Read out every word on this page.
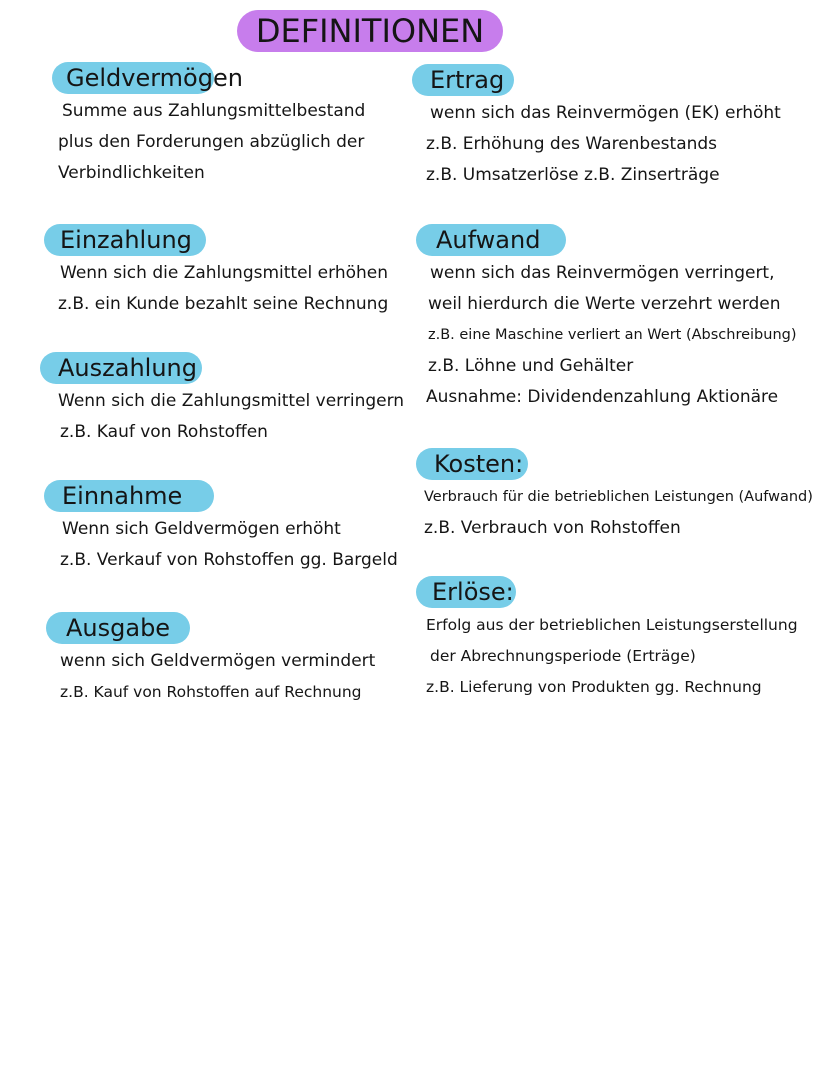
DEFINITIONEN
Geldvermögen
Summe aus Zahlungsmittelbestand
plus den Forderungen abzüglich der
Verbindlichkeiten
Einzahlung
Wenn sich die Zahlungsmittel erhöhen
z.B. ein Kunde bezahlt seine Rechnung
Auszahlung
Wenn sich die Zahlungsmittel verringern
z.B. Kauf von Rohstoffen
Einnahme
Wenn sich Geldvermögen erhöht
z.B. Verkauf von Rohstoffen gg. Bargeld
Ausgabe
wenn sich Geldvermögen vermindert
z.B. Kauf von Rohstoffen auf Rechnung
Ertrag
wenn sich das Reinvermögen (EK) erhöht
z.B. Erhöhung des Warenbestands
z.B. Umsatzerlöse z.B. Zinserträge
Aufwand
wenn sich das Reinvermögen verringert,
weil hierdurch die Werte verzehrt werden
z.B. eine Maschine verliert an Wert (Abschreibung)
z.B. Löhne und Gehälter
Ausnahme: Dividendenzahlung Aktionäre
Kosten:
Verbrauch für die betrieblichen Leistungen (Aufwand)
z.B. Verbrauch von Rohstoffen
Erlöse:
Erfolg aus der betrieblichen Leistungserstellung
der Abrechnungsperiode (Erträge)
z.B. Lieferung von Produkten gg. Rechnung
